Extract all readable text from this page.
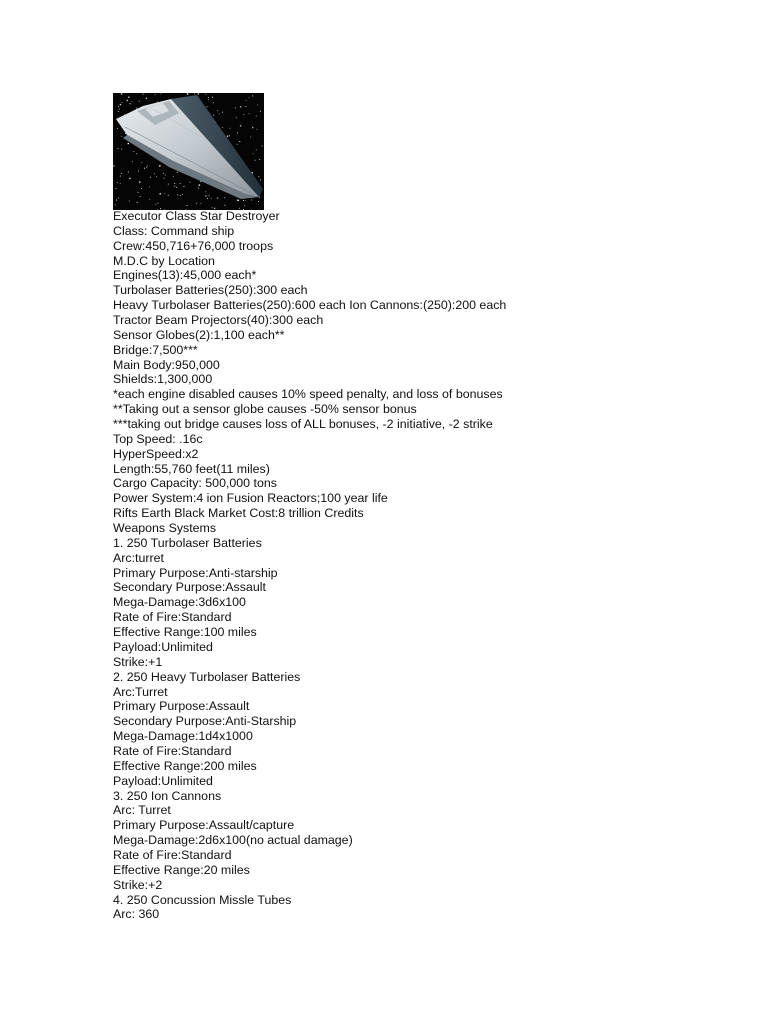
Executor Class Star Destroyer
Class: Command ship
Crew:450,716+76,000 troops
M.D.C by Location
Engines(13):45,000 each*
Turbolaser Batteries(250):300 each
Heavy Turbolaser Batteries(250):600 each Ion Cannons:(250):200 each
Tractor Beam Projectors(40):300 each
Sensor Globes(2):1,100 each**
Bridge:7,500***
Main Body:950,000
Shields:1,300,000
*each engine disabled causes 10% speed penalty, and loss of bonuses
**Taking out a sensor globe causes -50% sensor bonus
***taking out bridge causes loss of ALL bonuses, -2 initiative, -2 strike
Top Speed: .16c
HyperSpeed:x2
Length:55,760 feet(11 miles)
Cargo Capacity: 500,000 tons
Power System:4 ion Fusion Reactors;100 year life
Rifts Earth Black Market Cost:8 trillion Credits
Weapons Systems
1. 250 Turbolaser Batteries
Arc:turret
Primary Purpose:Anti-starship
Secondary Purpose:Assault
Mega-Damage:3d6x100
Rate of Fire:Standard
Effective Range:100 miles
Payload:Unlimited
Strike:+1
2. 250 Heavy Turbolaser Batteries
Arc:Turret
Primary Purpose:Assault
Secondary Purpose:Anti-Starship
Mega-Damage:1d4x1000
Rate of Fire:Standard
Effective Range:200 miles
Payload:Unlimited
3. 250 Ion Cannons
Arc: Turret
Primary Purpose:Assault/capture
Mega-Damage:2d6x100(no actual damage)
Rate of Fire:Standard
Effective Range:20 miles
Strike:+2
4. 250 Concussion Missle Tubes
Arc: 360
